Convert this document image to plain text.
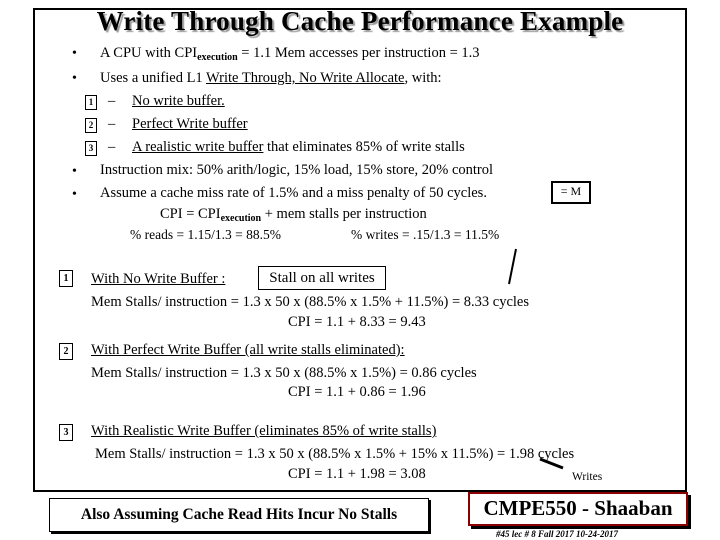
Write Through Cache Performance Example
• A CPU with $CPI_{execution} = 1.1$ Mem accesses per instruction = 1.3
• Uses a unified L1 Write Through, No Write Allocate, with:
1 – No write buffer.
2 – Perfect Write buffer
3 – A realistic write buffer that eliminates 85% of write stalls
• Instruction mix: 50% arith/logic, 15% load, 15% store, 20% control
• Assume a cache miss rate of 1.5% and a miss penalty of 50 cycles.	= M
CPI = $CPI_{execution}$ + mem stalls per instruction
% reads = 1.15/1.3 = 88.5%	% writes = .15/1.3 = 11.5%
1	With No Write Buffer :	Stall on all writes
Mem Stalls/ instruction = 1.3 x 50 x (88.5% x 1.5% + 11.5%) = 8.33 cycles
CPI = 1.1 + 8.33 = 9.43
2	With Perfect Write Buffer (all write stalls eliminated):
Mem Stalls/ instruction = 1.3 x 50 x (88.5% x 1.5%) = 0.86 cycles
CPI = 1.1 + 0.86 = 1.96
3	With Realistic Write Buffer (eliminates 85% of write stalls)
Mem Stalls/ instruction = 1.3 x 50 x (88.5% x 1.5% + 15% x 11.5%) = 1.98 cycles
CPI = 1.1 + 1.98 = 3.08	Writes
Also Assuming Cache Read Hits Incur No Stalls	CMPE550 - Shaaban
#45 lec # 8 Fall 2017 10-24-2017
